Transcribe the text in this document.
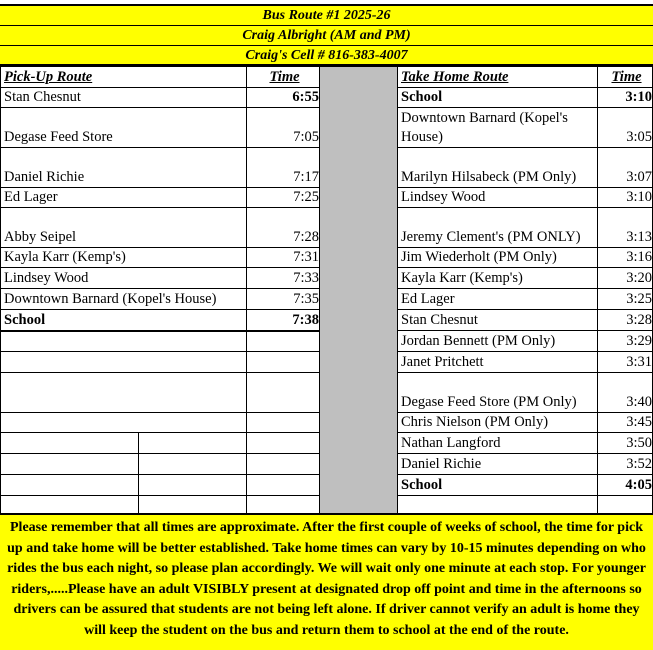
Bus Route #1 2025-26
Craig Albright (AM and PM)
Craig's Cell # 816-383-4007
Pick-Up Route		Time		Take Home Route	Time
Stan Chesnut		6:55		School	3:10
Degase Feed Store		7:05		Downtown Barnard (Kopel's House)	3:05
Daniel Richie		7:17		Marilyn Hilsabeck (PM Only)	3:07
Ed Lager		7:25		Lindsey Wood	3:10
Abby Seipel		7:28		Jeremy Clement's (PM ONLY)	3:13
Kayla Karr (Kemp's)		7:31		Jim Wiederholt (PM Only)	3:16
Lindsey Wood		7:33		Kayla Karr (Kemp's)	3:20
Downtown Barnard (Kopel's House)		7:35		Ed Lager	3:25
School		7:38		Stan Chesnut	3:28
				Jordan Bennett (PM Only)	3:29
				Janet Pritchett	3:31
				Degase Feed Store (PM Only)	3:40
				Chris Nielson (PM Only)	3:45
				Nathan Langford	3:50
				Daniel Richie	3:52
				School	4:05

Please remember that all times are approximate. After the first couple of weeks of school, the time for pick up and take home will be better established. Take home times can vary by 10-15 minutes depending on who rides the bus each night, so please plan accordingly. We will wait only one minute at each stop. For younger riders,.....Please have an adult VISIBLY present at designated drop off point and time in the afternoons so drivers can be assured that students are not being left alone. If driver cannot verify an adult is home they will keep the student on the bus and return them to school at the end of the route.
